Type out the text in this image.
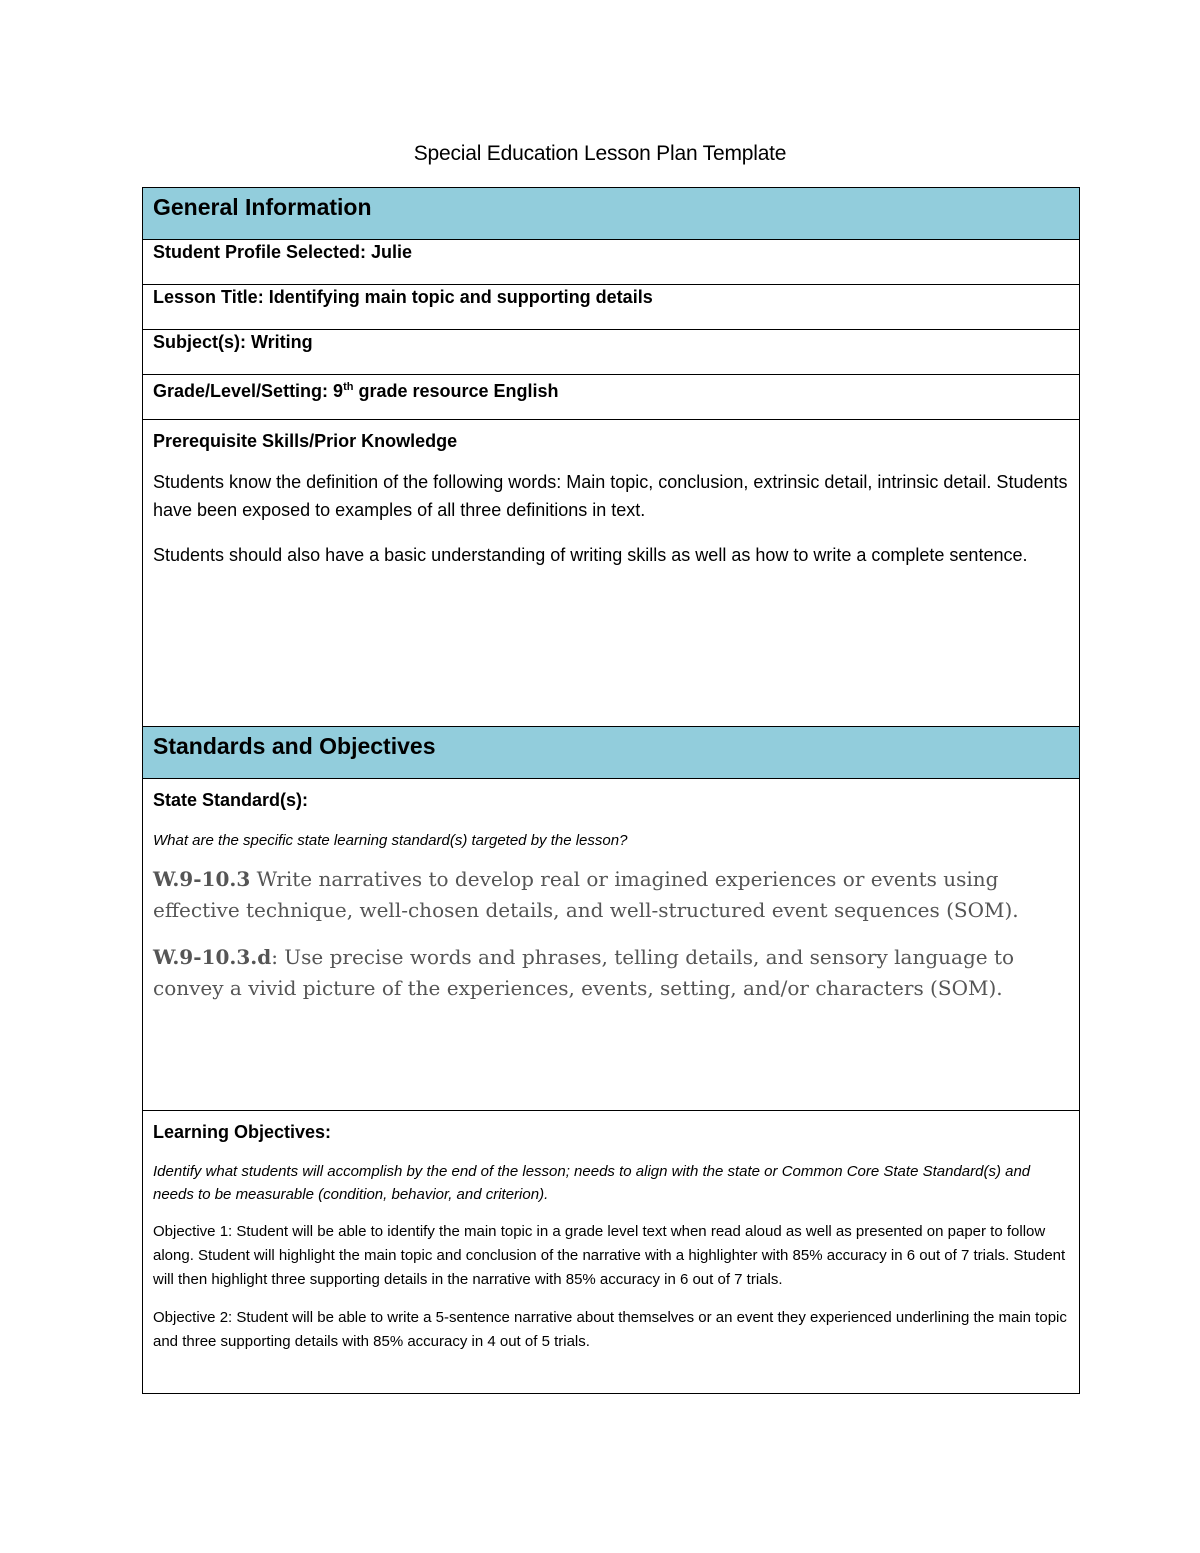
Special Education Lesson Plan Template
General Information
Student Profile Selected: Julie
Lesson Title: Identifying main topic and supporting details
Subject(s): Writing
Grade/Level/Setting: 9th grade resource English

Prerequisite Skills/Prior Knowledge

Students know the definition of the following words: Main topic, conclusion, extrinsic detail, intrinsic detail. Students have been exposed to examples of all three definitions in text.

Students should also have a basic understanding of writing skills as well as how to write a complete sentence.

Standards and Objectives

State Standard(s):

What are the specific state learning standard(s) targeted by the lesson?

W.9-10.3 Write narratives to develop real or imagined experiences or events using effective technique, well-chosen details, and well-structured event sequences (SOM).

W.9-10.3.d: Use precise words and phrases, telling details, and sensory language to convey a vivid picture of the experiences, events, setting, and/or characters (SOM).

Learning Objectives:

Identify what students will accomplish by the end of the lesson; needs to align with the state or Common Core State Standard(s) and needs to be measurable (condition, behavior, and criterion).

Objective 1: Student will be able to identify the main topic in a grade level text when read aloud as well as presented on paper to follow along. Student will highlight the main topic and conclusion of the narrative with a highlighter with 85% accuracy in 6 out of 7 trials. Student will then highlight three supporting details in the narrative with 85% accuracy in 6 out of 7 trials.

Objective 2: Student will be able to write a 5-sentence narrative about themselves or an event they experienced underlining the main topic and three supporting details with 85% accuracy in 4 out of 5 trials.
